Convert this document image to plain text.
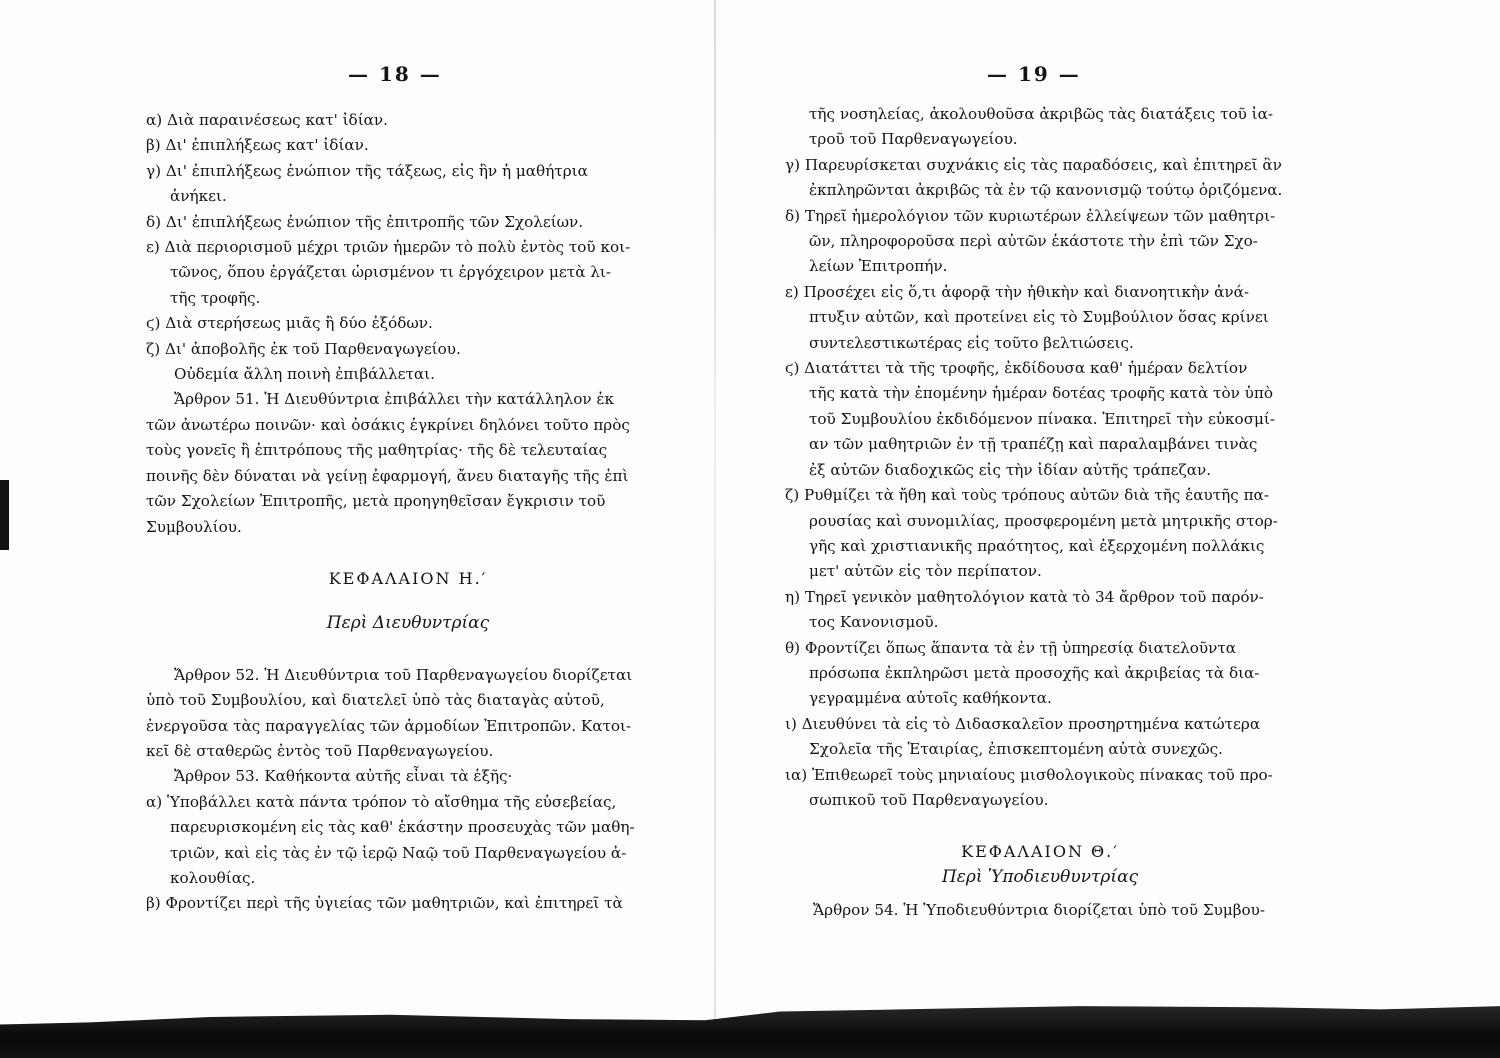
— 18 —
α) Διὰ παραινέσεως κατ' ἰδίαν.
β) Δι' ἐπιπλήξεως κατ' ἰδίαν.
γ) Δι' ἐπιπλήξεως ἐνώπιον τῆς τάξεως, εἰς ἣν ἡ μαθήτρια
ἀνήκει.
δ) Δι' ἐπιπλήξεως ἐνώπιον τῆς ἐπιτροπῆς τῶν Σχολείων.
ε) Διὰ περιορισμοῦ μέχρι τριῶν ἡμερῶν τὸ πολὺ ἐντὸς τοῦ κοι-
τῶνος, ὅπου ἐργάζεται ὡρισμένον τι ἐργόχειρον μετὰ λι-
τῆς τροφῆς.
ϛ) Διὰ στερήσεως μιᾶς ἢ δύο ἐξόδων.
ζ) Δι' ἀποβολῆς ἐκ τοῦ Παρθεναγωγείου.
Οὐδεμία ἄλλη ποινὴ ἐπιβάλλεται.
Ἄρθρον 51. Ἡ Διευθύντρια ἐπιβάλλει τὴν κατάλληλον ἐκ
τῶν ἀνωτέρω ποινῶν· καὶ ὁσάκις ἐγκρίνει δηλόνει τοῦτο πρὸς
τοὺς γονεῖς ἢ ἐπιτρόπους τῆς μαθητρίας· τῆς δὲ τελευταίας
ποινῆς δὲν δύναται νὰ γείνῃ ἐφαρμογή, ἄνευ διαταγῆς τῆς ἐπὶ
τῶν Σχολείων Ἐπιτροπῆς, μετὰ προηγηθεῖσαν ἔγκρισιν τοῦ
Συμβουλίου.
ΚΕΦΑΛΑΙΟΝ Η.′
Περὶ Διευθυντρίας
Ἄρθρον 52. Ἡ Διευθύντρια τοῦ Παρθεναγωγείου διορίζεται
ὑπὸ τοῦ Συμβουλίου, καὶ διατελεῖ ὑπὸ τὰς διαταγὰς αὐτοῦ,
ἐνεργοῦσα τὰς παραγγελίας τῶν ἁρμοδίων Ἐπιτροπῶν. Κατοι-
κεῖ δὲ σταθερῶς ἐντὸς τοῦ Παρθεναγωγείου.
Ἄρθρον 53. Καθήκοντα αὐτῆς εἶναι τὰ ἑξῆς·
α) Ὑποβάλλει κατὰ πάντα τρόπον τὸ αἴσθημα τῆς εὐσεβείας,
παρευρισκομένη εἰς τὰς καθ' ἑκάστην προσευχὰς τῶν μαθη-
τριῶν, καὶ εἰς τὰς ἐν τῷ ἱερῷ Ναῷ τοῦ Παρθεναγωγείου ἀ-
κολουθίας.
β) Φροντίζει περὶ τῆς ὑγιείας τῶν μαθητριῶν, καὶ ἐπιτηρεῖ τὰ
— 19 —
τῆς νοσηλείας, ἀκολουθοῦσα ἀκριβῶς τὰς διατάξεις τοῦ ἰα-
τροῦ τοῦ Παρθεναγωγείου.
γ) Παρευρίσκεται συχνάκις εἰς τὰς παραδόσεις, καὶ ἐπιτηρεῖ ἂν
ἐκπληρῶνται ἀκριβῶς τὰ ἐν τῷ κανονισμῷ τούτῳ ὁριζόμενα.
δ) Τηρεῖ ἡμερολόγιον τῶν κυριωτέρων ἐλλείψεων τῶν μαθητρι-
ῶν, πληροφοροῦσα περὶ αὐτῶν ἑκάστοτε τὴν ἐπὶ τῶν Σχο-
λείων Ἐπιτροπήν.
ε) Προσέχει εἰς ὅ,τι ἀφορᾷ τὴν ἠθικὴν καὶ διανοητικὴν ἀνά-
πτυξιν αὐτῶν, καὶ προτείνει εἰς τὸ Συμβούλιον ὅσας κρίνει
συντελεστικωτέρας εἰς τοῦτο βελτιώσεις.
ϛ) Διατάττει τὰ τῆς τροφῆς, ἐκδίδουσα καθ' ἡμέραν δελτίον
τῆς κατὰ τὴν ἐπομένην ἡμέραν δοτέας τροφῆς κατὰ τὸν ὑπὸ
τοῦ Συμβουλίου ἐκδιδόμενον πίνακα. Ἐπιτηρεῖ τὴν εὐκοσμί-
αν τῶν μαθητριῶν ἐν τῇ τραπέζῃ καὶ παραλαμβάνει τινὰς
ἐξ αὐτῶν διαδοχικῶς εἰς τὴν ἰδίαν αὐτῆς τράπεζαν.
ζ) Ρυθμίζει τὰ ἤθη καὶ τοὺς τρόπους αὐτῶν διὰ τῆς ἑαυτῆς πα-
ρουσίας καὶ συνομιλίας, προσφερομένη μετὰ μητρικῆς στορ-
γῆς καὶ χριστιανικῆς πραότητος, καὶ ἐξερχομένη πολλάκις
μετ' αὐτῶν εἰς τὸν περίπατον.
η) Τηρεῖ γενικὸν μαθητολόγιον κατὰ τὸ 34 ἄρθρον τοῦ παρόν-
τος Κανονισμοῦ.
θ) Φροντίζει ὅπως ἅπαντα τὰ ἐν τῇ ὑπηρεσίᾳ διατελοῦντα
πρόσωπα ἐκπληρῶσι μετὰ προσοχῆς καὶ ἀκριβείας τὰ δια-
γεγραμμένα αὐτοῖς καθήκοντα.
ι) Διευθύνει τὰ εἰς τὸ Διδασκαλεῖον προσηρτημένα κατώτερα
Σχολεῖα τῆς Ἑταιρίας, ἐπισκεπτομένη αὐτὰ συνεχῶς.
ια) Ἐπιθεωρεῖ τοὺς μηνιαίους μισθολογικοὺς πίνακας τοῦ προ-
σωπικοῦ τοῦ Παρθεναγωγείου.
ΚΕΦΑΛΑΙΟΝ Θ.′
Περὶ Ὑποδιευθυντρίας
Ἄρθρον 54. Ἡ Ὑποδιευθύντρια διορίζεται ὑπὸ τοῦ Συμβου-
